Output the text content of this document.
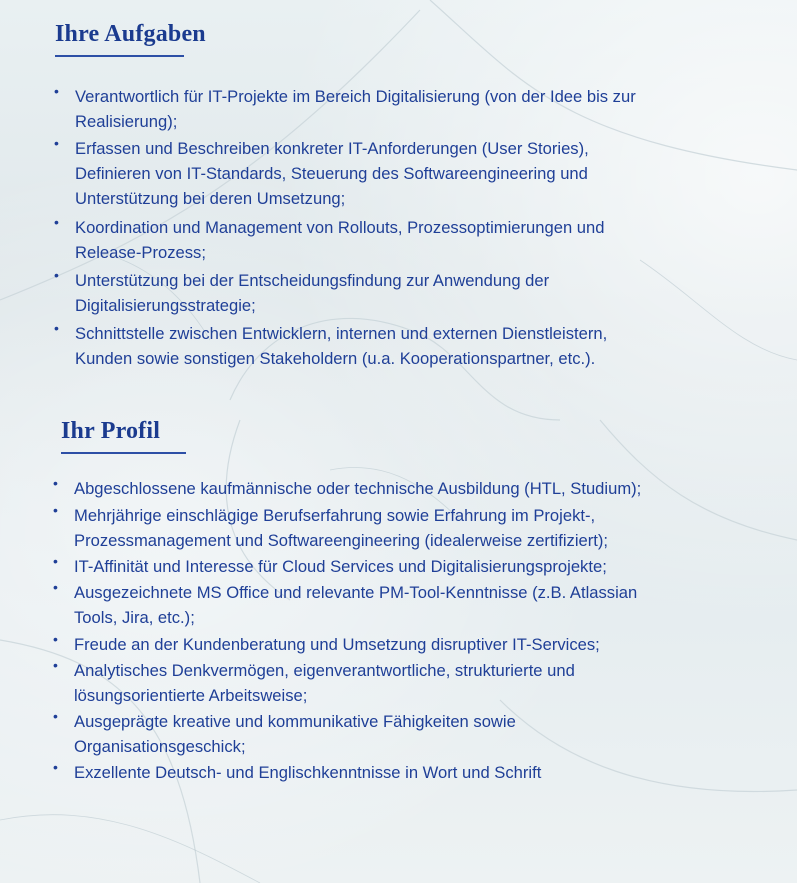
Ihre Aufgaben
• Verantwortlich für IT-Projekte im Bereich Digitalisierung (von der Idee bis zur Realisierung);
• Erfassen und Beschreiben konkreter IT-Anforderungen (User Stories), Definieren von IT-Standards, Steuerung des Softwareengineering und Unterstützung bei deren Umsetzung;
• Koordination und Management von Rollouts, Prozessoptimierungen und Release-Prozess;
• Unterstützung bei der Entscheidungsfindung zur Anwendung der Digitalisierungsstrategie;
• Schnittstelle zwischen Entwicklern, internen und externen Dienstleistern, Kunden sowie sonstigen Stakeholdern (u.a. Kooperationspartner, etc.).
Ihr Profil
• Abgeschlossene kaufmännische oder technische Ausbildung (HTL, Studium);
• Mehrjährige einschlägige Berufserfahrung sowie Erfahrung im Projekt-, Prozessmanagement und Softwareengineering (idealerweise zertifiziert);
• IT-Affinität und Interesse für Cloud Services und Digitalisierungsprojekte;
• Ausgezeichnete MS Office und relevante PM-Tool-Kenntnisse (z.B. Atlassian Tools, Jira, etc.);
• Freude an der Kundenberatung und Umsetzung disruptiver IT-Services;
• Analytisches Denkvermögen, eigenverantwortliche, strukturierte und lösungsorientierte Arbeitsweise;
• Ausgeprägte kreative und kommunikative Fähigkeiten sowie Organisationsgeschick;
• Exzellente Deutsch- und Englischkenntnisse in Wort und Schrift
